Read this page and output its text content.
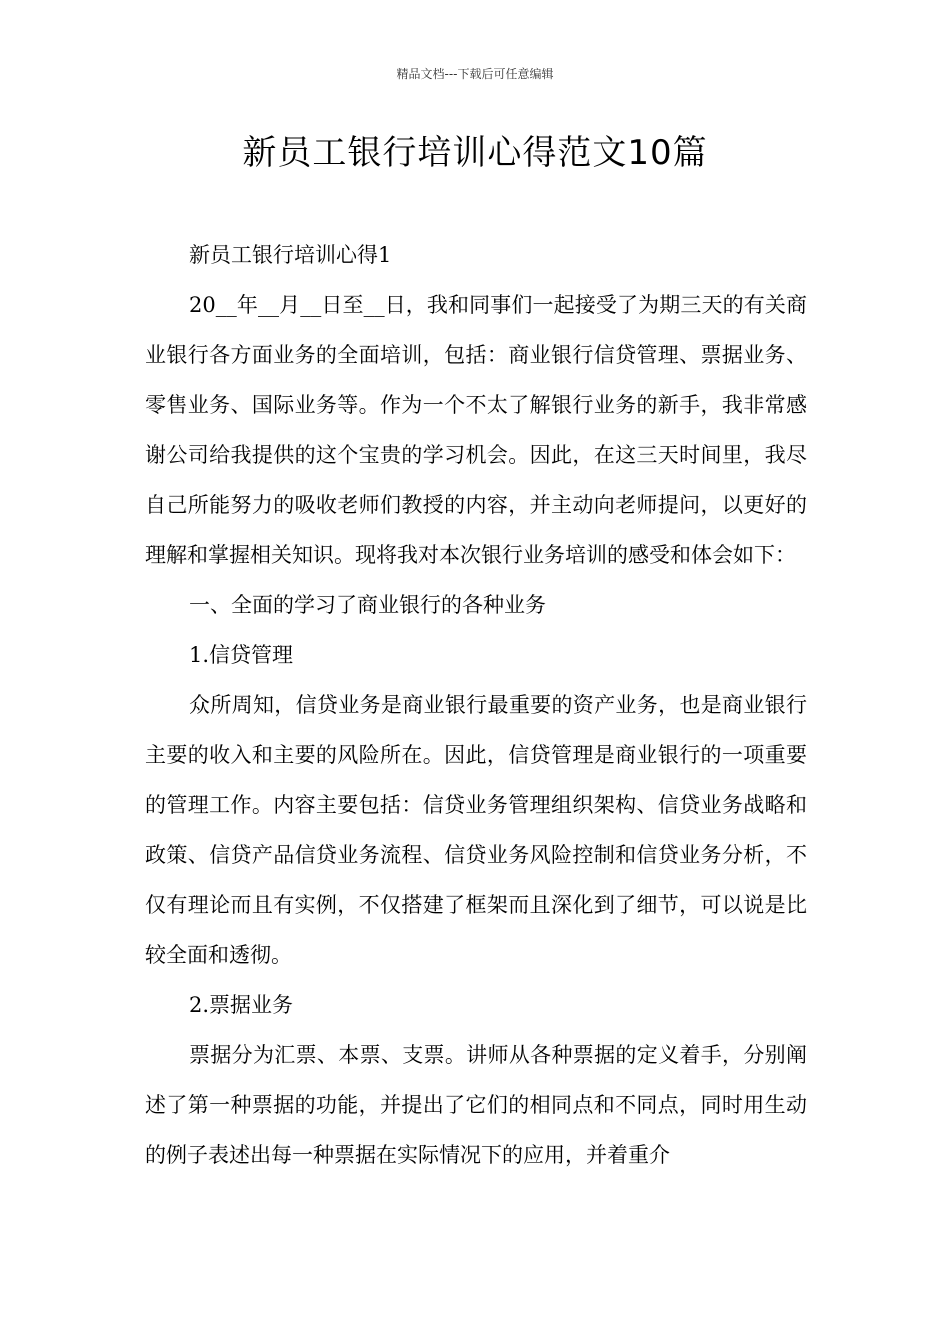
精品文档---下载后可任意编辑
新员工银行培训心得范文10篇

新员工银行培训心得1

20__年__月__日至__日，我和同事们一起接受了为期三天的有关商业银行各方面业务的全面培训，包括：商业银行信贷管理、票据业务、零售业务、国际业务等。作为一个不太了解银行业务的新手，我非常感谢公司给我提供的这个宝贵的学习机会。因此，在这三天时间里，我尽自己所能努力的吸收老师们教授的内容，并主动向老师提问，以更好的理解和掌握相关知识。现将我对本次银行业务培训的感受和体会如下：

一、全面的学习了商业银行的各种业务

1.信贷管理

众所周知，信贷业务是商业银行最重要的资产业务，也是商业银行主要的收入和主要的风险所在。因此，信贷管理是商业银行的一项重要的管理工作。内容主要包括：信贷业务管理组织架构、信贷业务战略和政策、信贷产品信贷业务流程、信贷业务风险控制和信贷业务分析，不仅有理论而且有实例，不仅搭建了框架而且深化到了细节，可以说是比较全面和透彻。

2.票据业务

票据分为汇票、本票、支票。讲师从各种票据的定义着手，分别阐述了第一种票据的功能，并提出了它们的相同点和不同点，同时用生动的例子表述出每一种票据在实际情况下的应用，并着重介
